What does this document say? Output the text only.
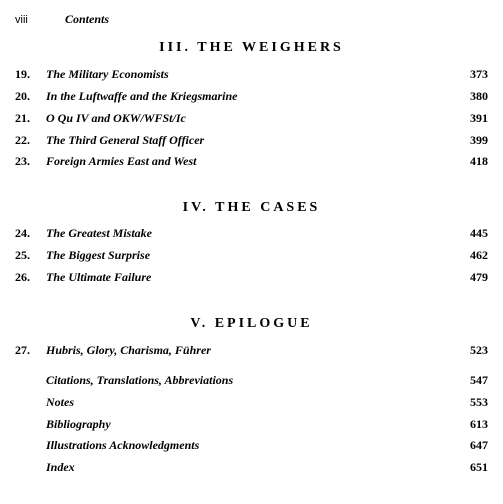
viii	Contents
III. THE WEIGHERS
19. The Military Economists	373
20. In the Luftwaffe and the Kriegsmarine	380
21. O Qu IV and OKW/WFSt/Ic	391
22. The Third General Staff Officer	399
23. Foreign Armies East and West	418
IV. THE CASES
24. The Greatest Mistake	445
25. The Biggest Surprise	462
26. The Ultimate Failure	479
V. EPILOGUE
27. Hubris, Glory, Charisma, Führer	523
Citations, Translations, Abbreviations	547
Notes	553
Bibliography	613
Illustrations Acknowledgments	647
Index	651
